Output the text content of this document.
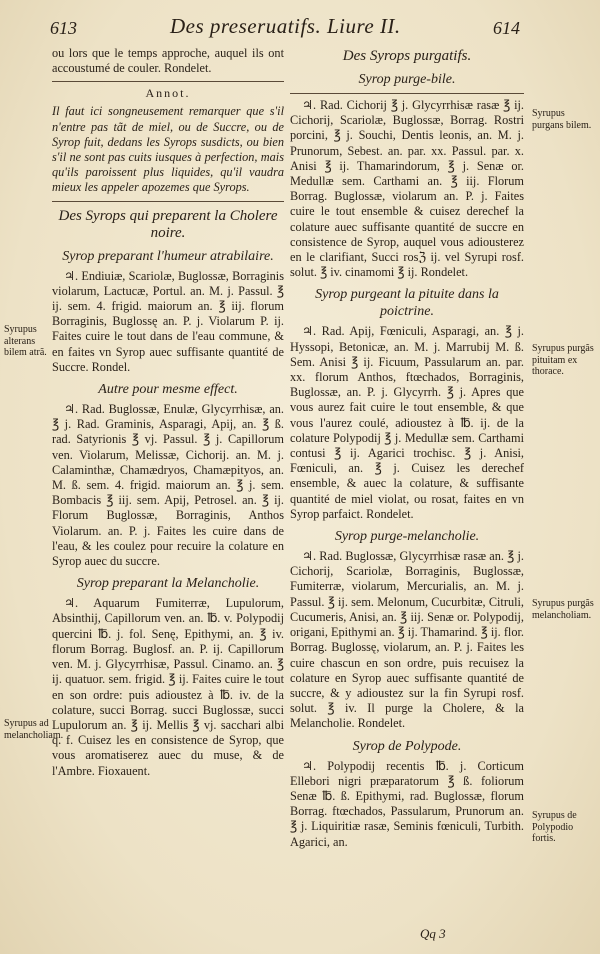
613	Des preseruatifs. Liure II.	614

ou lors que le temps approche, auquel ils ont accoustumé de couler. Rondelet.

Annot.

Il faut ici songneusement remarquer que s'il n'entre pas tãt de miel, ou de Succre, ou de Syrop fuit, dedans les Syrops susdicts, ou bien s'il ne sont pas cuits iusques à perfection, mais qu'ils paroissent plus liquides, qu'il vaudra mieux les appeler apozemes que Syrops.

Des Syrops qui preparent la Cholere noire.
Syrop preparant l'humeur atrabilaire.

♃. Endiuiæ, Scariolæ, Buglossæ, Borraginis violarum, Lactucæ, Portul. an. M. j. Passul. ℥ ij. sem. 4. frigid. maiorum an. ℥ iij. florum Borraginis, Buglossę an. P. j. Violarum P. ij. Faites cuire le tout dans de l'eau commune, & en faites vn Syrop auec suffisante quantité de Succre. Rondel.

Autre pour mesme effect.

♃. Rad. Buglossæ, Enulæ, Glycyrrhisæ, an. ℥ j. Rad. Graminis, Asparagi, Apij, an. ℥ ß. rad. Satyrionis ℥ vj. Passul. ℥ j. Capillorum ven. Violarum, Melissæ, Cichorij. an. M. j. Calaminthæ, Chamædryos, Chamæpityos, an. M. ß. sem. 4. frigid. maiorum an. ℥ j. sem. Bombacis ℥ iij. sem. Apij, Petrosel. an. ℥ ij. Florum Buglossæ, Borraginis, Anthos Violarum. an. P. j. Faites les cuire dans de l'eau, & les coulez pour recuire la colature en Syrop auec du succre.

Syrop preparant la Melancholie.

♃. Aquarum Fumiterræ, Lupulorum, Absinthij, Capillorum ven. an. ℔. v. Polypodij quercini ℔. j. fol. Senę, Epithymi, an. ℥ iv. florum Borrag. Buglosf. an. P. ij. Capillorum ven. M. j. Glycyrrhisæ, Passul. Cinamo. an. ℥ ij. quatuor. sem. frigid. ℥ ij. Faites cuire le tout en son ordre: puis adioustez à ℔. iv. de la colature, succi Borrag. succi Buglossæ, succi Lupulorum an. ℥ ij. Mellis ℥ vj. sacchari albi q. f. Cuisez les en consistence de Syrop, que vous aromatiserez auec du muse, & de l'Ambre. Fioxauent.

Des Syrops purgatifs.
Syrop purge-bile.

♃. Rad. Cichorij ℥ j. Glycyrrhisæ rasæ ℥ ij. Cichorij, Scariolæ, Buglossæ, Borrag. Rostri porcini, ℥ j. Souchi, Dentis leonis, an. M. j. Prunorum, Sebest. an. par. xx. Passul. par. x. Anisi ℥ ij. Thamarindorum, ℥ j. Senæ or. Medullæ sem. Carthami an. ℥ iij. Florum Borrag. Buglossæ, violarum an. P. j. Faites cuire le tout ensemble & cuisez derechef la colature auec suffisante quantité de succre en consistence de Syrop, auquel vous adiousterez en le clarifiant, Succi rosℨ ij. vel Syrupi rosf. solut. ℥ iv. cinamomi ℥ ij. Rondelet.

Syrop purgeant la pituite dans la poictrine.

♃. Rad. Apij, Fœniculi, Asparagi, an. ℥ j. Hyssopi, Betonicæ, an. M. j. Marrubij M. ß. Sem. Anisi ℥ ij. Ficuum, Passularum an. par. xx. florum Anthos, ftœchados, Borraginis, Buglossæ, an. P. j. Glycyrrh. ℥ j. Apres que vous aurez fait cuire le tout ensemble, & que vous l'aurez coulé, adioustez à ℔. ij. de la colature Polypodij ℥ j. Medullæ sem. Carthami contusi ℥ ij. Agarici trochisc. ℥ j. Anisi, Fœniculi, an. ℥ j. Cuisez les derechef ensemble, & auec la colature, & suffisante quantité de miel violat, ou rosat, faites en vn Syrop parfaict. Rondelet.

Syrop purge-melancholie.

♃. Rad. Buglossæ, Glycyrrhisæ rasæ an. ℥ j. Cichorij, Scariolæ, Borraginis, Buglossæ, Fumiterræ, violarum, Mercurialis, an. M. j. Passul. ℥ ij. sem. Melonum, Cucurbitæ, Citruli, Cucumeris, Anisi, an. ℥ iij. Senæ or. Polypodij, origani, Epithymi an. ℥ ij. Thamarind. ℥ ij. flor. Borrag. Buglossę, violarum, an. P. j. Faites les cuire chascun en son ordre, puis recuisez la colature en Syrop auec suffisante quantité de succre, & y adioustez sur la fin Syrupi rosf. solut. ℥ iv. Il purge la Cholere, & la Melancholie. Rondelet.

Syrop de Polypode.

♃. Polypodij recentis ℔. j. Corticum Ellebori nigri præparatorum ℥ ß. foliorum Senæ ℔. ß. Epithymi, rad. Buglossæ, florum Borrag. ftœchados, Passularum, Prunorum an. ℥ j. Liquiritiæ rasæ, Seminis fœniculi, Turbith. Agarici, an.

Syrupus alterans bilem atrã.
Syrupus ad melancholiam.
Syrupus purgans bilem.
Syrupus purgãs pituitam ex thorace.
Syrupus purgãs melancholiam.
Syrupus de Polypodio fortis.
Qq 3
